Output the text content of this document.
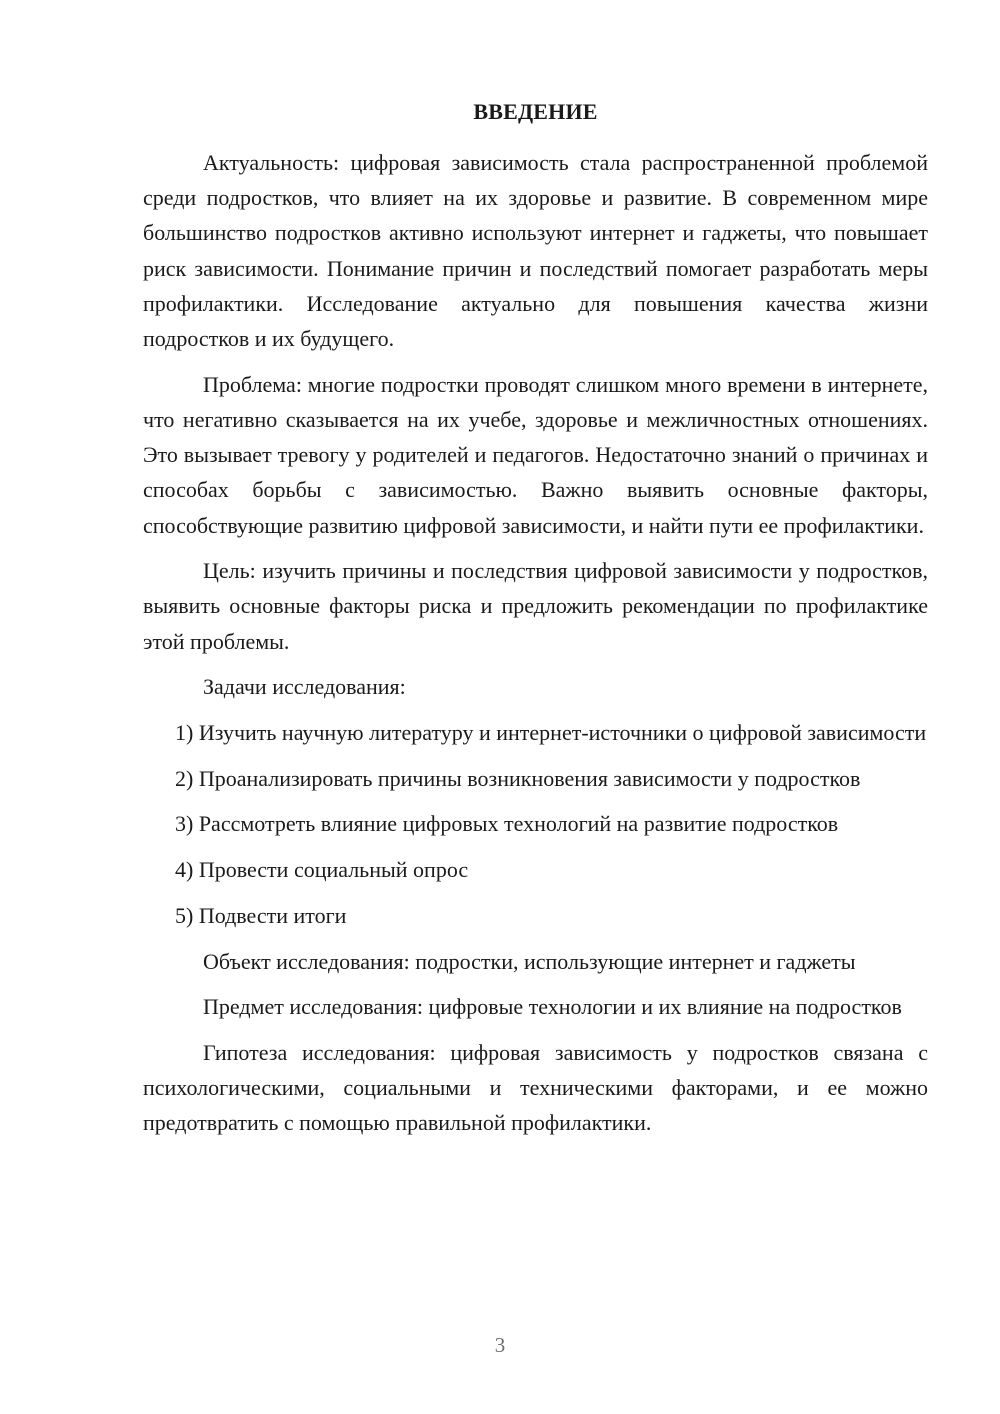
ВВЕДЕНИЕ

Актуальность: цифровая зависимость стала распространенной проблемой среди подростков, что влияет на их здоровье и развитие. В современном мире большинство подростков активно используют интернет и гаджеты, что повышает риск зависимости. Понимание причин и последствий помогает разработать меры профилактики. Исследование актуально для повышения качества жизни подростков и их будущего.

Проблема: многие подростки проводят слишком много времени в интернете, что негативно сказывается на их учебе, здоровье и межличностных отношениях. Это вызывает тревогу у родителей и педагогов. Недостаточно знаний о причинах и способах борьбы с зависимостью. Важно выявить основные факторы, способствующие развитию цифровой зависимости, и найти пути ее профилактики.

Цель: изучить причины и последствия цифровой зависимости у подростков, выявить основные факторы риска и предложить рекомендации по профилактике этой проблемы.

Задачи исследования:

1) Изучить научную литературу и интернет-источники о цифровой зависимости

2) Проанализировать причины возникновения зависимости у подростков

3) Рассмотреть влияние цифровых технологий на развитие подростков

4) Провести социальный опрос

5) Подвести итоги

Объект исследования: подростки, использующие интернет и гаджеты

Предмет исследования: цифровые технологии и их влияние на подростков

Гипотеза исследования: цифровая зависимость у подростков связана с психологическими, социальными и техническими факторами, и ее можно предотвратить с помощью правильной профилактики.

3
